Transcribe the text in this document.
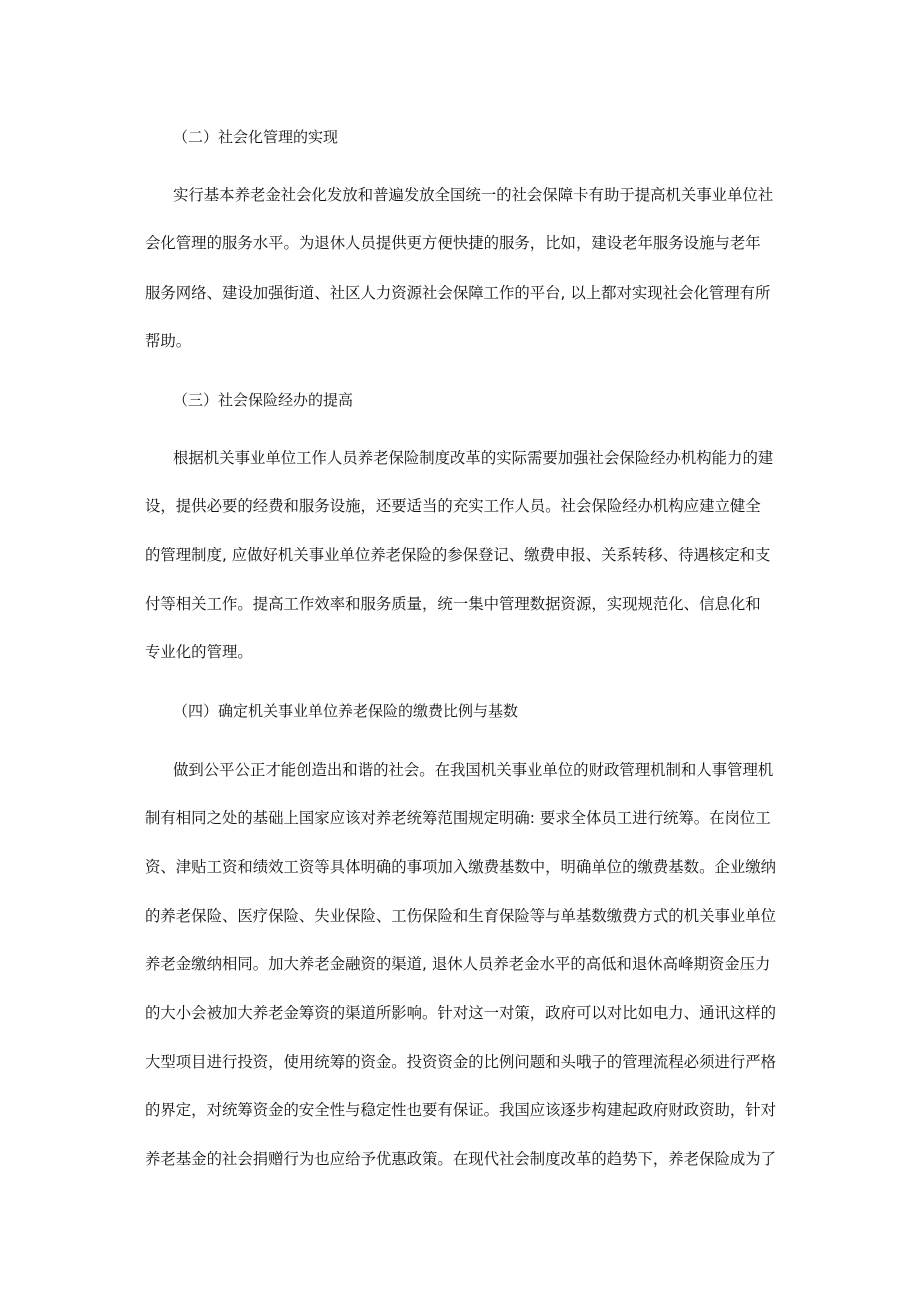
（二）社会化管理的实现
实行基本养老金社会化发放和普遍发放全国统一的社会保障卡有助于提高机关事业单位社
会化管理的服务水平。为退休人员提供更方便快捷的服务，比如，建设老年服务设施与老年
服务网络、建设加强街道、社区人力资源社会保障工作的平台, 以上都对实现社会化管理有所
帮助。
（三）社会保险经办的提高
根据机关事业单位工作人员养老保险制度改革的实际需要加强社会保险经办机构能力的建
设，提供必要的经费和服务设施，还要适当的充实工作人员。社会保险经办机构应建立健全
的管理制度, 应做好机关事业单位养老保险的参保登记、缴费申报、关系转移、待遇核定和支
付等相关工作。提高工作效率和服务质量，统一集中管理数据资源，实现规范化、信息化和
专业化的管理。
（四）确定机关事业单位养老保险的缴费比例与基数
做到公平公正才能创造出和谐的社会。在我国机关事业单位的财政管理机制和人事管理机
制有相同之处的基础上国家应该对养老统筹范围规定明确: 要求全体员工进行统筹。在岗位工
资、津贴工资和绩效工资等具体明确的事项加入缴费基数中，明确单位的缴费基数。企业缴纳
的养老保险、医疗保险、失业保险、工伤保险和生育保险等与单基数缴费方式的机关事业单位
养老金缴纳相同。加大养老金融资的渠道, 退休人员养老金水平的高低和退休高峰期资金压力
的大小会被加大养老金筹资的渠道所影响。针对这一对策，政府可以对比如电力、通讯这样的
大型项目进行投资，使用统筹的资金。投资资金的比例问题和头哦子的管理流程必须进行严格
的界定，对统筹资金的安全性与稳定性也要有保证。我国应该逐步构建起政府财政资助，针对
养老基金的社会捐赠行为也应给予优惠政策。在现代社会制度改革的趋势下，养老保险成为了
